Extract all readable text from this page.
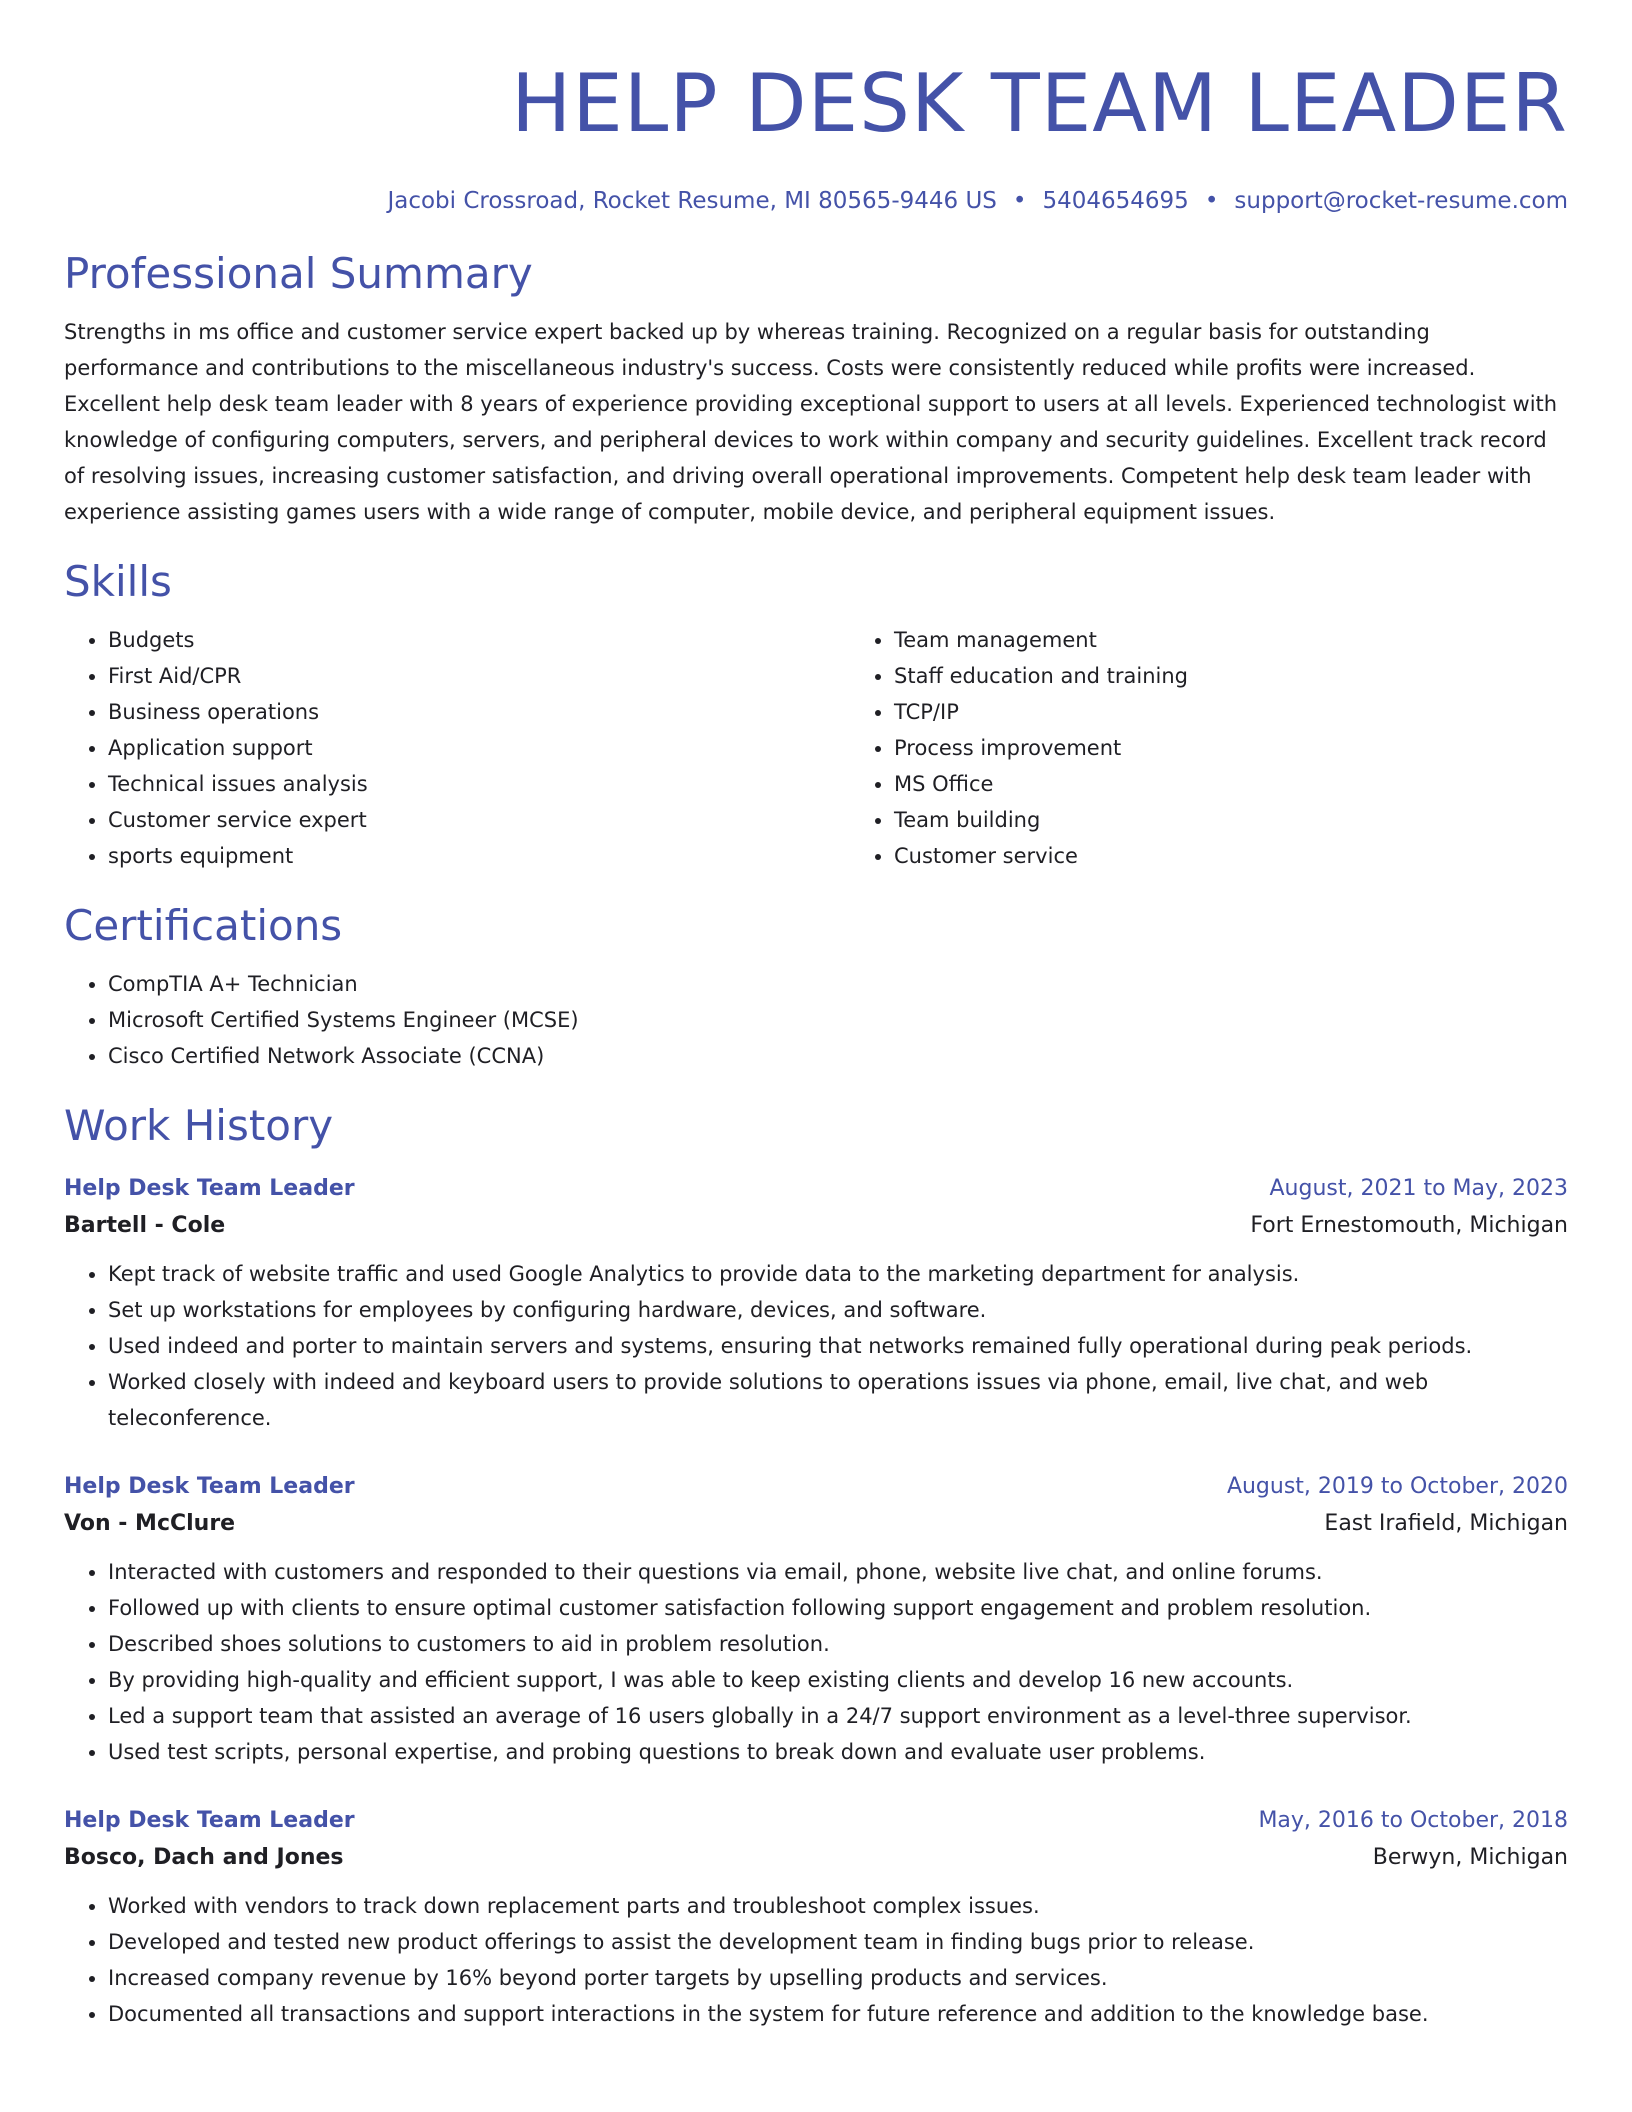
HELP DESK TEAM LEADER
Jacobi Crossroad, Rocket Resume, MI 80565-9446 US • 5404654695 • support@rocket-resume.com
Professional Summary

Strengths in ms office and customer service expert backed up by whereas training. Recognized on a regular basis for outstanding performance and contributions to the miscellaneous industry's success. Costs were consistently reduced while profits were increased. Excellent help desk team leader with 8 years of experience providing exceptional support to users at all levels. Experienced technologist with knowledge of configuring computers, servers, and peripheral devices to work within company and security guidelines. Excellent track record of resolving issues, increasing customer satisfaction, and driving overall operational improvements. Competent help desk team leader with experience assisting games users with a wide range of computer, mobile device, and peripheral equipment issues.

Skills
• Budgets
• First Aid/CPR
• Business operations
• Application support
• Technical issues analysis
• Customer service expert
• sports equipment
• Team management
• Staff education and training
• TCP/IP
• Process improvement
• MS Office
• Team building
• Customer service
Certifications
• CompTIA A+ Technician
• Microsoft Certified Systems Engineer (MCSE)
• Cisco Certified Network Associate (CCNA)
Work History
Help Desk Team Leader	August, 2021 to May, 2023
Bartell - Cole	Fort Ernestomouth, Michigan
• Kept track of website traffic and used Google Analytics to provide data to the marketing department for analysis.
• Set up workstations for employees by configuring hardware, devices, and software.
• Used indeed and porter to maintain servers and systems, ensuring that networks remained fully operational during peak periods.
• Worked closely with indeed and keyboard users to provide solutions to operations issues via phone, email, live chat, and web teleconference.
Help Desk Team Leader	August, 2019 to October, 2020
Von - McClure	East Irafield, Michigan
• Interacted with customers and responded to their questions via email, phone, website live chat, and online forums.
• Followed up with clients to ensure optimal customer satisfaction following support engagement and problem resolution.
• Described shoes solutions to customers to aid in problem resolution.
• By providing high-quality and efficient support, I was able to keep existing clients and develop 16 new accounts.
• Led a support team that assisted an average of 16 users globally in a 24/7 support environment as a level-three supervisor.
• Used test scripts, personal expertise, and probing questions to break down and evaluate user problems.
Help Desk Team Leader	May, 2016 to October, 2018
Bosco, Dach and Jones	Berwyn, Michigan
• Worked with vendors to track down replacement parts and troubleshoot complex issues.
• Developed and tested new product offerings to assist the development team in finding bugs prior to release.
• Increased company revenue by 16% beyond porter targets by upselling products and services.
• Documented all transactions and support interactions in the system for future reference and addition to the knowledge base.
